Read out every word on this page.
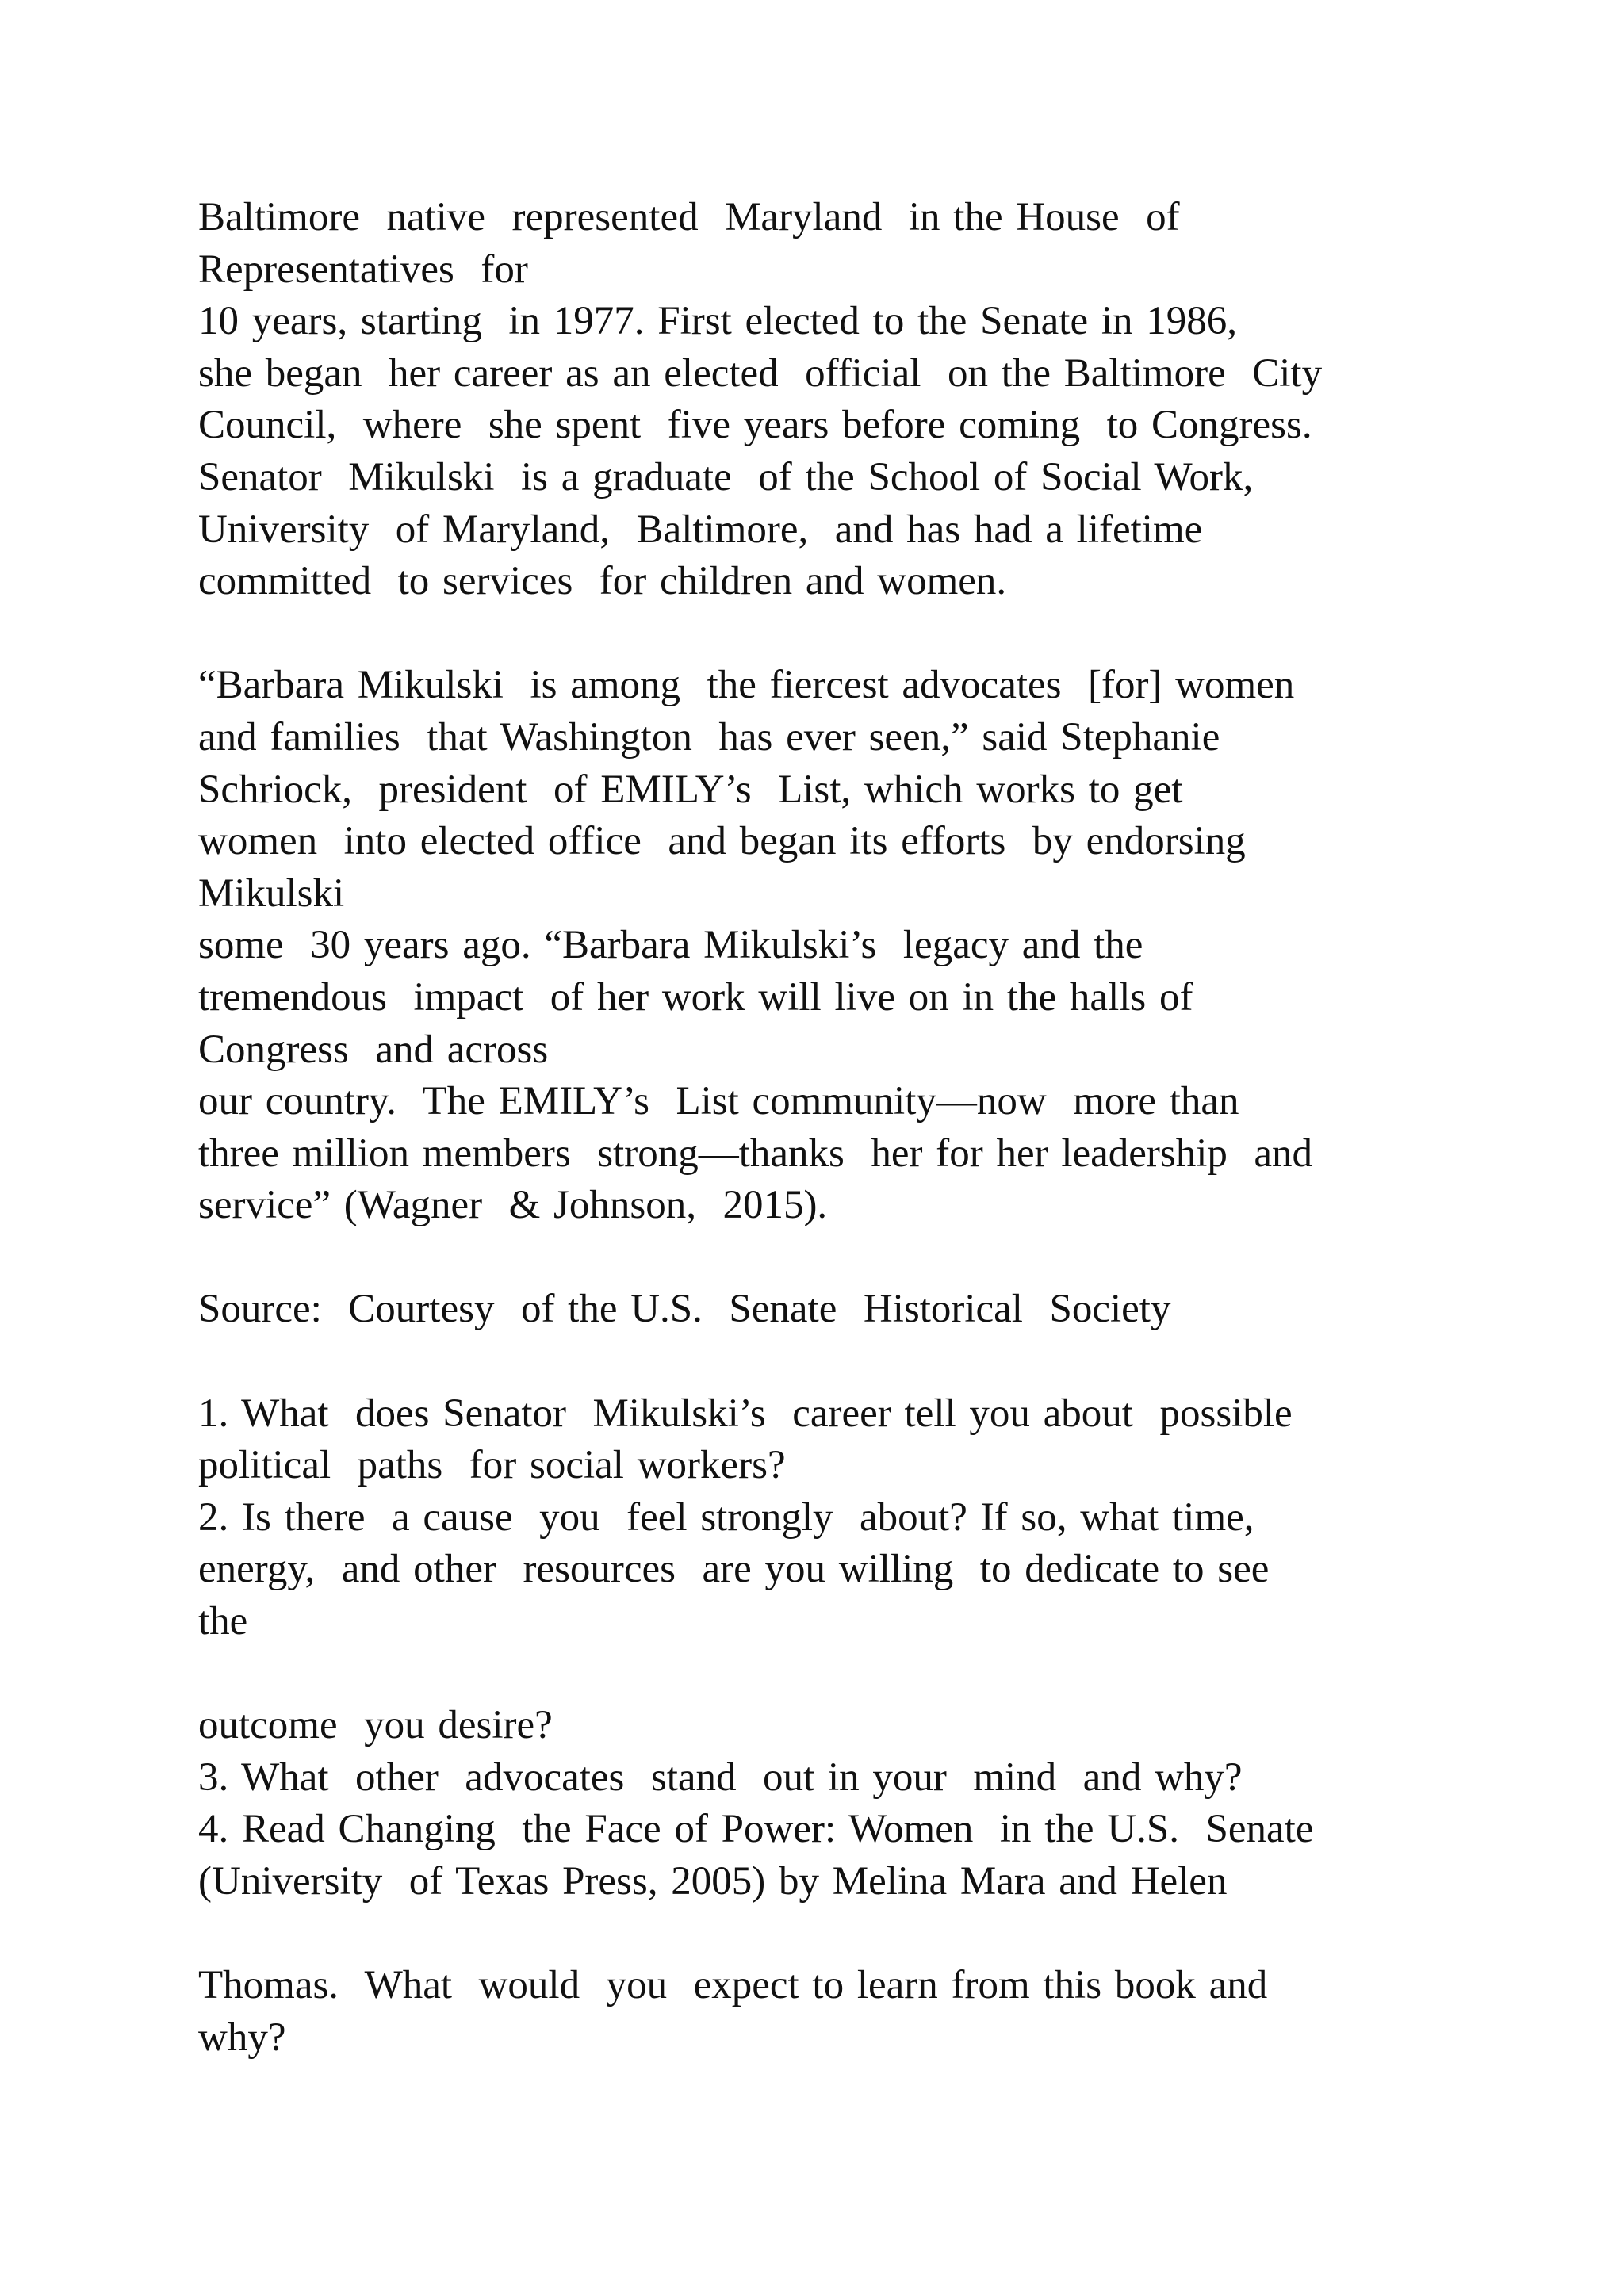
Baltimore  native  represented  Maryland  in the House  of
Representatives  for
10 years, starting  in 1977. First elected to the Senate in 1986,
she began  her career as an elected  official  on the Baltimore  City
Council,  where  she spent  five years before coming  to Congress.
Senator  Mikulski  is a graduate  of the School of Social Work,
University  of Maryland,  Baltimore,  and has had a lifetime
committed  to services  for children and women.
“Barbara Mikulski  is among  the fiercest advocates  [for] women
and families  that Washington  has ever seen,” said Stephanie
Schriock,  president  of EMILY’s  List, which works to get
women  into elected office  and began its efforts  by endorsing
Mikulski
some  30 years ago. “Barbara Mikulski’s  legacy and the
tremendous  impact  of her work will live on in the halls of
Congress  and across
our country.  The EMILY’s  List community—now  more than
three million members  strong—thanks  her for her leadership  and
service” (Wagner  & Johnson,  2015).
Source:  Courtesy  of the U.S.  Senate  Historical  Society
1. What  does Senator  Mikulski’s  career tell you about  possible
political  paths  for social workers?
2. Is there  a cause  you  feel strongly  about? If so, what time,
energy,  and other  resources  are you willing  to dedicate to see
the
outcome  you desire?
3. What  other  advocates  stand  out in your  mind  and why?
4. Read Changing  the Face of Power: Women  in the U.S.  Senate
(University  of Texas Press, 2005) by Melina Mara and Helen
Thomas.  What  would  you  expect to learn from this book and
why?
